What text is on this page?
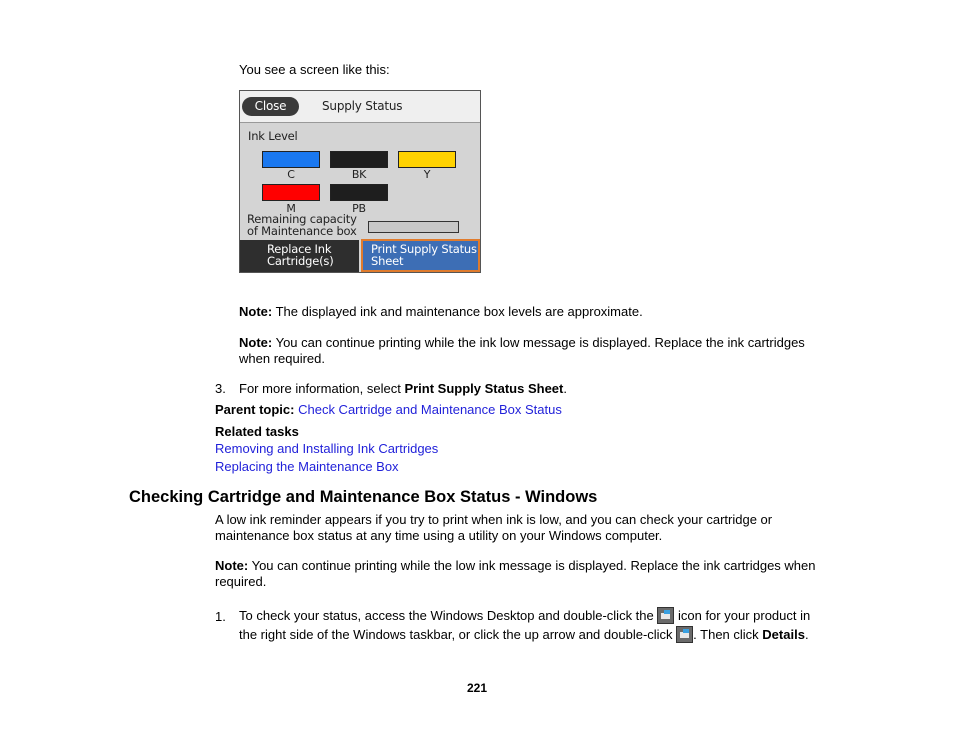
You see a screen like this:
Close	Supply Status
Ink Level
C	BK	Y
M	PB
Remaining capacity
of Maintenance box
Replace Ink
Cartridge(s)
Print Supply Status
Sheet
Note: The displayed ink and maintenance box levels are approximate.
Note: You can continue printing while the ink low message is displayed. Replace the ink cartridges
when required.
3. For more information, select Print Supply Status Sheet.
Parent topic: Check Cartridge and Maintenance Box Status
Related tasks
Removing and Installing Ink Cartridges
Replacing the Maintenance Box
Checking Cartridge and Maintenance Box Status - Windows
A low ink reminder appears if you try to print when ink is low, and you can check your cartridge or
maintenance box status at any time using a utility on your Windows computer.
Note: You can continue printing while the low ink message is displayed. Replace the ink cartridges when
required.
1. To check your status, access the Windows Desktop and double-click the  icon for your product in
the right side of the Windows taskbar, or click the up arrow and double-click . Then click Details.
221
